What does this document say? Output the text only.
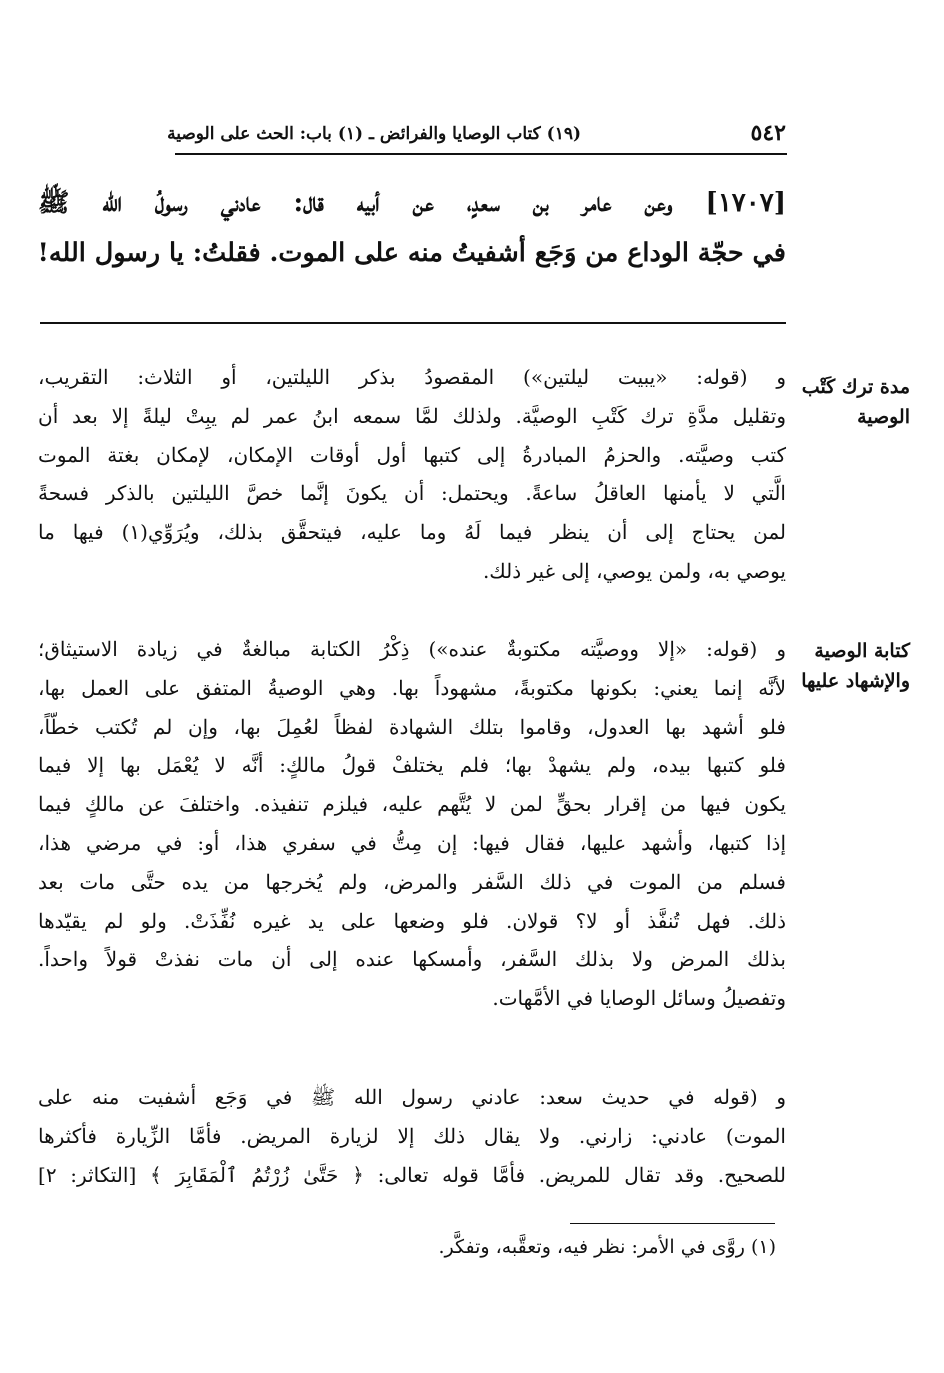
٥٤٢
(١٩) كتاب الوصايا والفرائض ـ (١) باب: الحث على الوصية

[١٧٠٧] وعن عامر بن سعدٍ، عن أبيه قال: عادني رسولُ الله ﷺ

في حجّة الوداع من وَجَع أشفيتُ منه على الموت. فقلتُ: يا رسول الله!

مدة ترك كَتْب
الوصية

و (قوله: «يبيت ليلتين») المقصودُ بذكر الليلتين، أو الثلاث: التقريب،

وتقليل مدَّةِ ترك كَتْبِ الوصيَّة. ولذلك لمَّا سمعه ابنُ عمر لم يبِتْ ليلةً إلا بعد أن

كتب وصيَّته. والحزمُ المبادرةُ إلى كتبها أول أوقات الإمكان، لإمكان بغتة الموت

الَّتي لا يأمنها العاقلُ ساعةً. ويحتمل: أن يكونَ إنَّما خصَّ الليلتين بالذكر فسحةً

لمن يحتاج إلى أن ينظر فيما لَهُ وما عليه، فيتحقَّق بذلك، ويُرَوِّي(١) فيها ما

يوصي به، ولمن يوصي، إلى غير ذلك.

كتابة الوصية
والإشهاد عليها

و (قوله: «إلا ووصيَّته مكتوبةٌ عنده») ذِكْرُ الكتابة مبالغةٌ في زيادة الاستيثاق؛

لأنَّه إنما يعني: بكونها مكتوبةً، مشهوداً بها. وهي الوصيةُ المتفق على العمل بها،

فلو أشهد بها العدول، وقاموا بتلك الشهادة لفظاً لعُمِلَ بها، وإن لم تُكتب خطّاً،

فلو كتبها بيده، ولم يشهدْ بها؛ فلم يختلفْ قولُ مالكٍ: أنَّه لا يُعْمَل بها إلا فيما

يكون فيها من إقرار بحقٍّ لمن لا يُتَّهم عليه، فيلزم تنفيذه. واختلفَ عن مالكٍ فيما

إذا كتبها، وأشهد عليها، فقال فيها: إن مِتُّ في سفري هذا، أو: في مرضي هذا،

فسلم من الموت في ذلك السَّفر والمرض، ولم يُخرجها من يده حتَّى مات بعد

ذلك. فهل تُنفَّذ أو لا؟ قولان. فلو وضعها على يد غيره نُفِّذَتْ. ولو لم يقيّدها

بذلك المرض ولا بذلك السَّفر، وأمسكها عنده إلى أن مات نفذتْ قولاً واحداً.

وتفصيلُ وسائل الوصايا في الأمَّهات.

و (قوله في حديث سعد: عادني رسول الله ﷺ في وَجَع أشفيت منه على

الموت) عادني: زارني. ولا يقال ذلك إلا لزيارة المريض. فأمَّا الزِّيارة فأكثرها

للصحيح. وقد تقال للمريض. فأمَّا قوله تعالى: ﴿ حَتَّىٰ زُرْتُمُ ٱلْمَقَابِرَ ﴾ [التكاثر: ٢]

(١) روَّى في الأمر: نظر فيه، وتعقَّبه، وتفكَّر.
